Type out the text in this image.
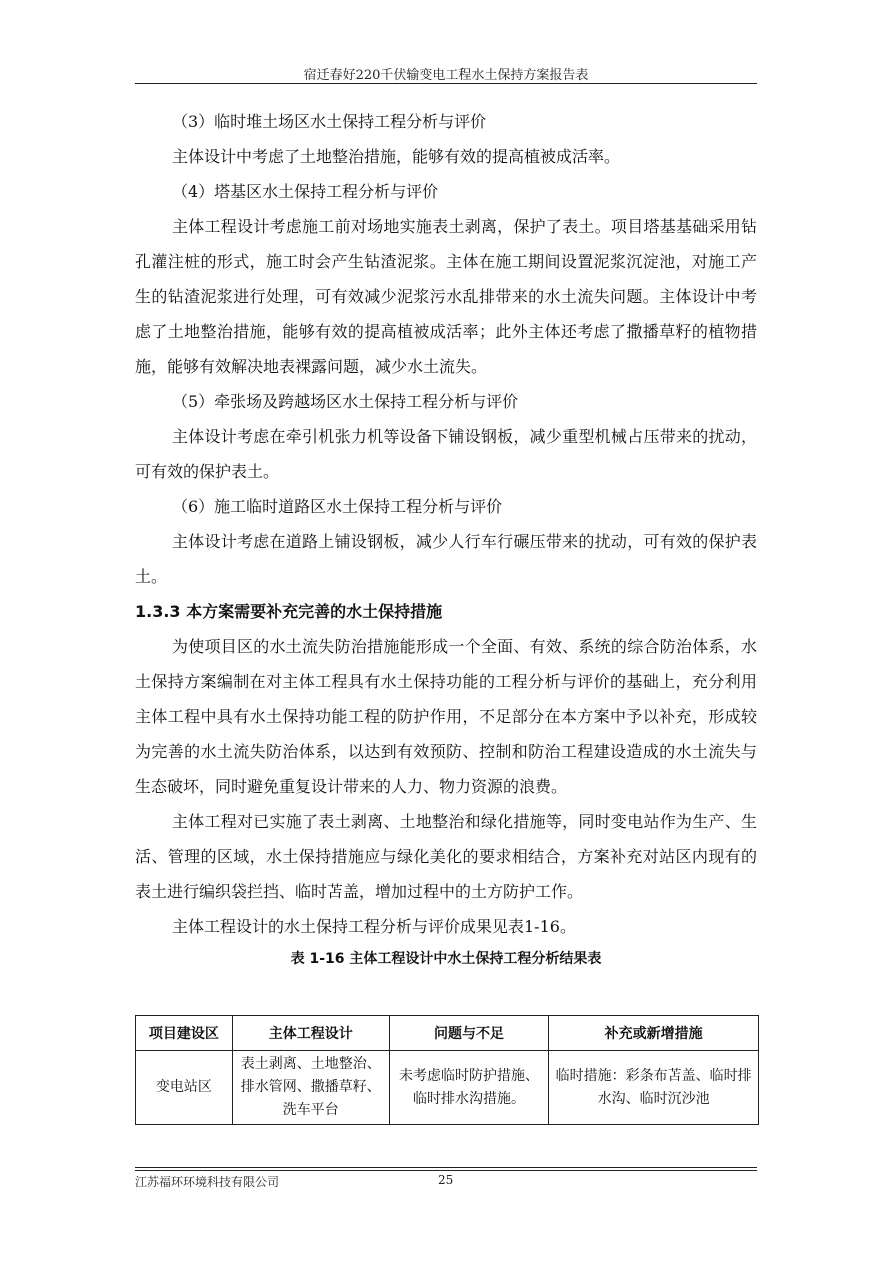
宿迁春好220千伏输变电工程水土保持方案报告表

（3）临时堆土场区水土保持工程分析与评价

主体设计中考虑了土地整治措施，能够有效的提高植被成活率。

（4）塔基区水土保持工程分析与评价

主体工程设计考虑施工前对场地实施表土剥离，保护了表土。项目塔基基础采用钻孔灌注桩的形式，施工时会产生钻渣泥浆。主体在施工期间设置泥浆沉淀池，对施工产生的钻渣泥浆进行处理，可有效减少泥浆污水乱排带来的水土流失问题。主体设计中考虑了土地整治措施，能够有效的提高植被成活率；此外主体还考虑了撒播草籽的植物措施，能够有效解决地表裸露问题，减少水土流失。

（5）牵张场及跨越场区水土保持工程分析与评价

主体设计考虑在牵引机张力机等设备下铺设钢板，减少重型机械占压带来的扰动，可有效的保护表土。

（6）施工临时道路区水土保持工程分析与评价

主体设计考虑在道路上铺设钢板，减少人行车行碾压带来的扰动，可有效的保护表土。

1.3.3 本方案需要补充完善的水土保持措施

为使项目区的水土流失防治措施能形成一个全面、有效、系统的综合防治体系，水土保持方案编制在对主体工程具有水土保持功能的工程分析与评价的基础上，充分利用主体工程中具有水土保持功能工程的防护作用，不足部分在本方案中予以补充，形成较为完善的水土流失防治体系，以达到有效预防、控制和防治工程建设造成的水土流失与生态破坏，同时避免重复设计带来的人力、物力资源的浪费。

主体工程对已实施了表土剥离、土地整治和绿化措施等，同时变电站作为生产、生活、管理的区域，水土保持措施应与绿化美化的要求相结合，方案补充对站区内现有的表土进行编织袋拦挡、临时苫盖，增加过程中的土方防护工作。

主体工程设计的水土保持工程分析与评价成果见表1-16。

表 1-16 主体工程设计中水土保持工程分析结果表
项目建设区	主体工程设计	问题与不足	补充或新增措施
变电站区	表土剥离、土地整治、排水管网、撒播草籽、洗车平台	未考虑临时防护措施、临时排水沟措施。	临时措施：彩条布苫盖、临时排水沟、临时沉沙池
江苏福环环境科技有限公司	25
